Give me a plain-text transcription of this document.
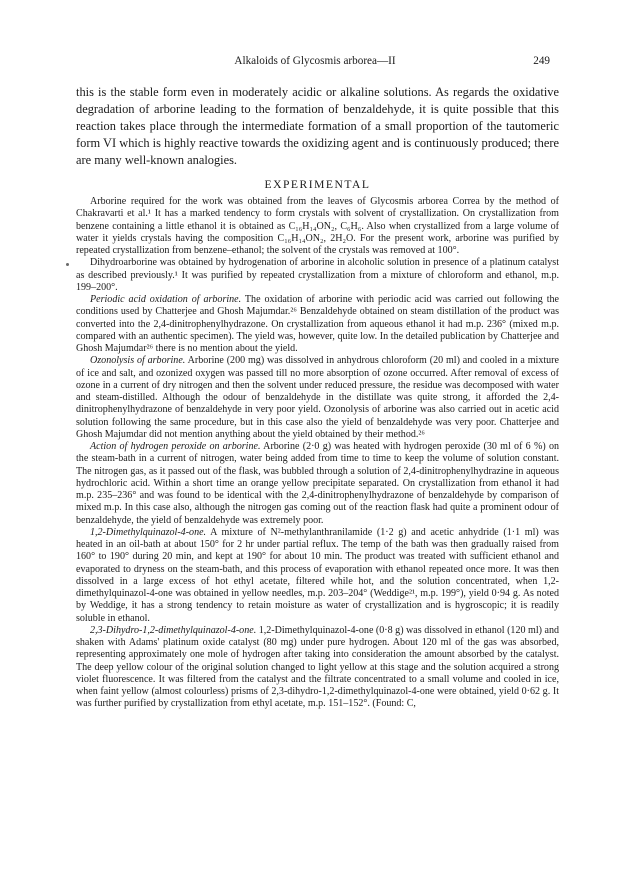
Alkaloids of Glycosmis arborea—II	249

this is the stable form even in moderately acidic or alkaline solutions. As regards the oxidative degradation of arborine leading to the formation of benzaldehyde, it is quite possible that this reaction takes place through the intermediate formation of a small proportion of the tautomeric form VI which is highly reactive towards the oxidizing agent and is continuously produced; there are many well-known analogies.

EXPERIMENTAL

Arborine required for the work was obtained from the leaves of Glycosmis arborea Correa by the method of Chakravarti et al.¹ It has a marked tendency to form crystals with solvent of crystallization. On crystallization from benzene containing a little ethanol it is obtained as C₁₆H₁₄ON₂, C₆H₆. Also when crystallized from a large volume of water it yields crystals having the composition C₁₆H₁₄ON₂, 2H₂O. For the present work, arborine was purified by repeated crystallization from benzene–ethanol; the solvent of the crystals was removed at 100°.

Dihydroarborine was obtained by hydrogenation of arborine in alcoholic solution in presence of a platinum catalyst as described previously.¹ It was purified by repeated crystallization from a mixture of chloroform and ethanol, m.p. 199–200°.

Periodic acid oxidation of arborine. The oxidation of arborine with periodic acid was carried out following the conditions used by Chatterjee and Ghosh Majumdar.²⁶ Benzaldehyde obtained on steam distillation of the product was converted into the 2,4-dinitrophenylhydrazone. On crystallization from aqueous ethanol it had m.p. 236° (mixed m.p. compared with an authentic specimen). The yield was, however, quite low. In the detailed publication by Chatterjee and Ghosh Majumdar²⁶ there is no mention about the yield.

Ozonolysis of arborine. Arborine (200 mg) was dissolved in anhydrous chloroform (20 ml) and cooled in a mixture of ice and salt, and ozonized oxygen was passed till no more absorption of ozone occurred. After removal of excess of ozone in a current of dry nitrogen and then the solvent under reduced pressure, the residue was decomposed with water and steam-distilled. Although the odour of benzaldehyde in the distillate was quite strong, it afforded the 2,4-dinitrophenylhydrazone of benzaldehyde in very poor yield. Ozonolysis of arborine was also carried out in acetic acid solution following the same procedure, but in this case also the yield of benzaldehyde was very poor. Chatterjee and Ghosh Majumdar did not mention anything about the yield obtained by their method.²⁶

Action of hydrogen peroxide on arborine. Arborine (2·0 g) was heated with hydrogen peroxide (30 ml of 6 %) on the steam-bath in a current of nitrogen, water being added from time to time to keep the volume of solution constant. The nitrogen gas, as it passed out of the flask, was bubbled through a solution of 2,4-dinitrophenylhydrazine in aqueous hydrochloric acid. Within a short time an orange yellow precipitate separated. On crystallization from ethanol it had m.p. 235–236° and was found to be identical with the 2,4-dinitrophenylhydrazone of benzaldehyde by comparison of mixed m.p. In this case also, although the nitrogen gas coming out of the reaction flask had quite a prominent odour of benzaldehyde, the yield of benzaldehyde was extremely poor.

1,2-Dimethylquinazol-4-one. A mixture of N²-methylanthranilamide (1·2 g) and acetic anhydride (1·1 ml) was heated in an oil-bath at about 150° for 2 hr under partial reflux. The temp of the bath was then gradually raised from 160° to 190° during 20 min, and kept at 190° for about 10 min. The product was treated with sufficient ethanol and evaporated to dryness on the steam-bath, and this process of evaporation with ethanol repeated once more. It was then dissolved in a large excess of hot ethyl acetate, filtered while hot, and the solution concentrated, when 1,2-dimethylquinazol-4-one was obtained in yellow needles, m.p. 203–204° (Weddige²¹, m.p. 199°), yield 0·94 g. As noted by Weddige, it has a strong tendency to retain moisture as water of crystallization and is hygroscopic; it is readily soluble in ethanol.

2,3-Dihydro-1,2-dimethylquinazol-4-one. 1,2-Dimethylquinazol-4-one (0·8 g) was dissolved in ethanol (120 ml) and shaken with Adams' platinum oxide catalyst (80 mg) under pure hydrogen. About 120 ml of the gas was absorbed, representing approximately one mole of hydrogen after taking into consideration the amount absorbed by the catalyst. The deep yellow colour of the original solution changed to light yellow at this stage and the solution acquired a strong violet fluorescence. It was filtered from the catalyst and the filtrate concentrated to a small volume and cooled in ice, when faint yellow (almost colourless) prisms of 2,3-dihydro-1,2-dimethylquinazol-4-one were obtained, yield 0·62 g. It was further purified by crystallization from ethyl acetate, m.p. 151–152°. (Found: C,
